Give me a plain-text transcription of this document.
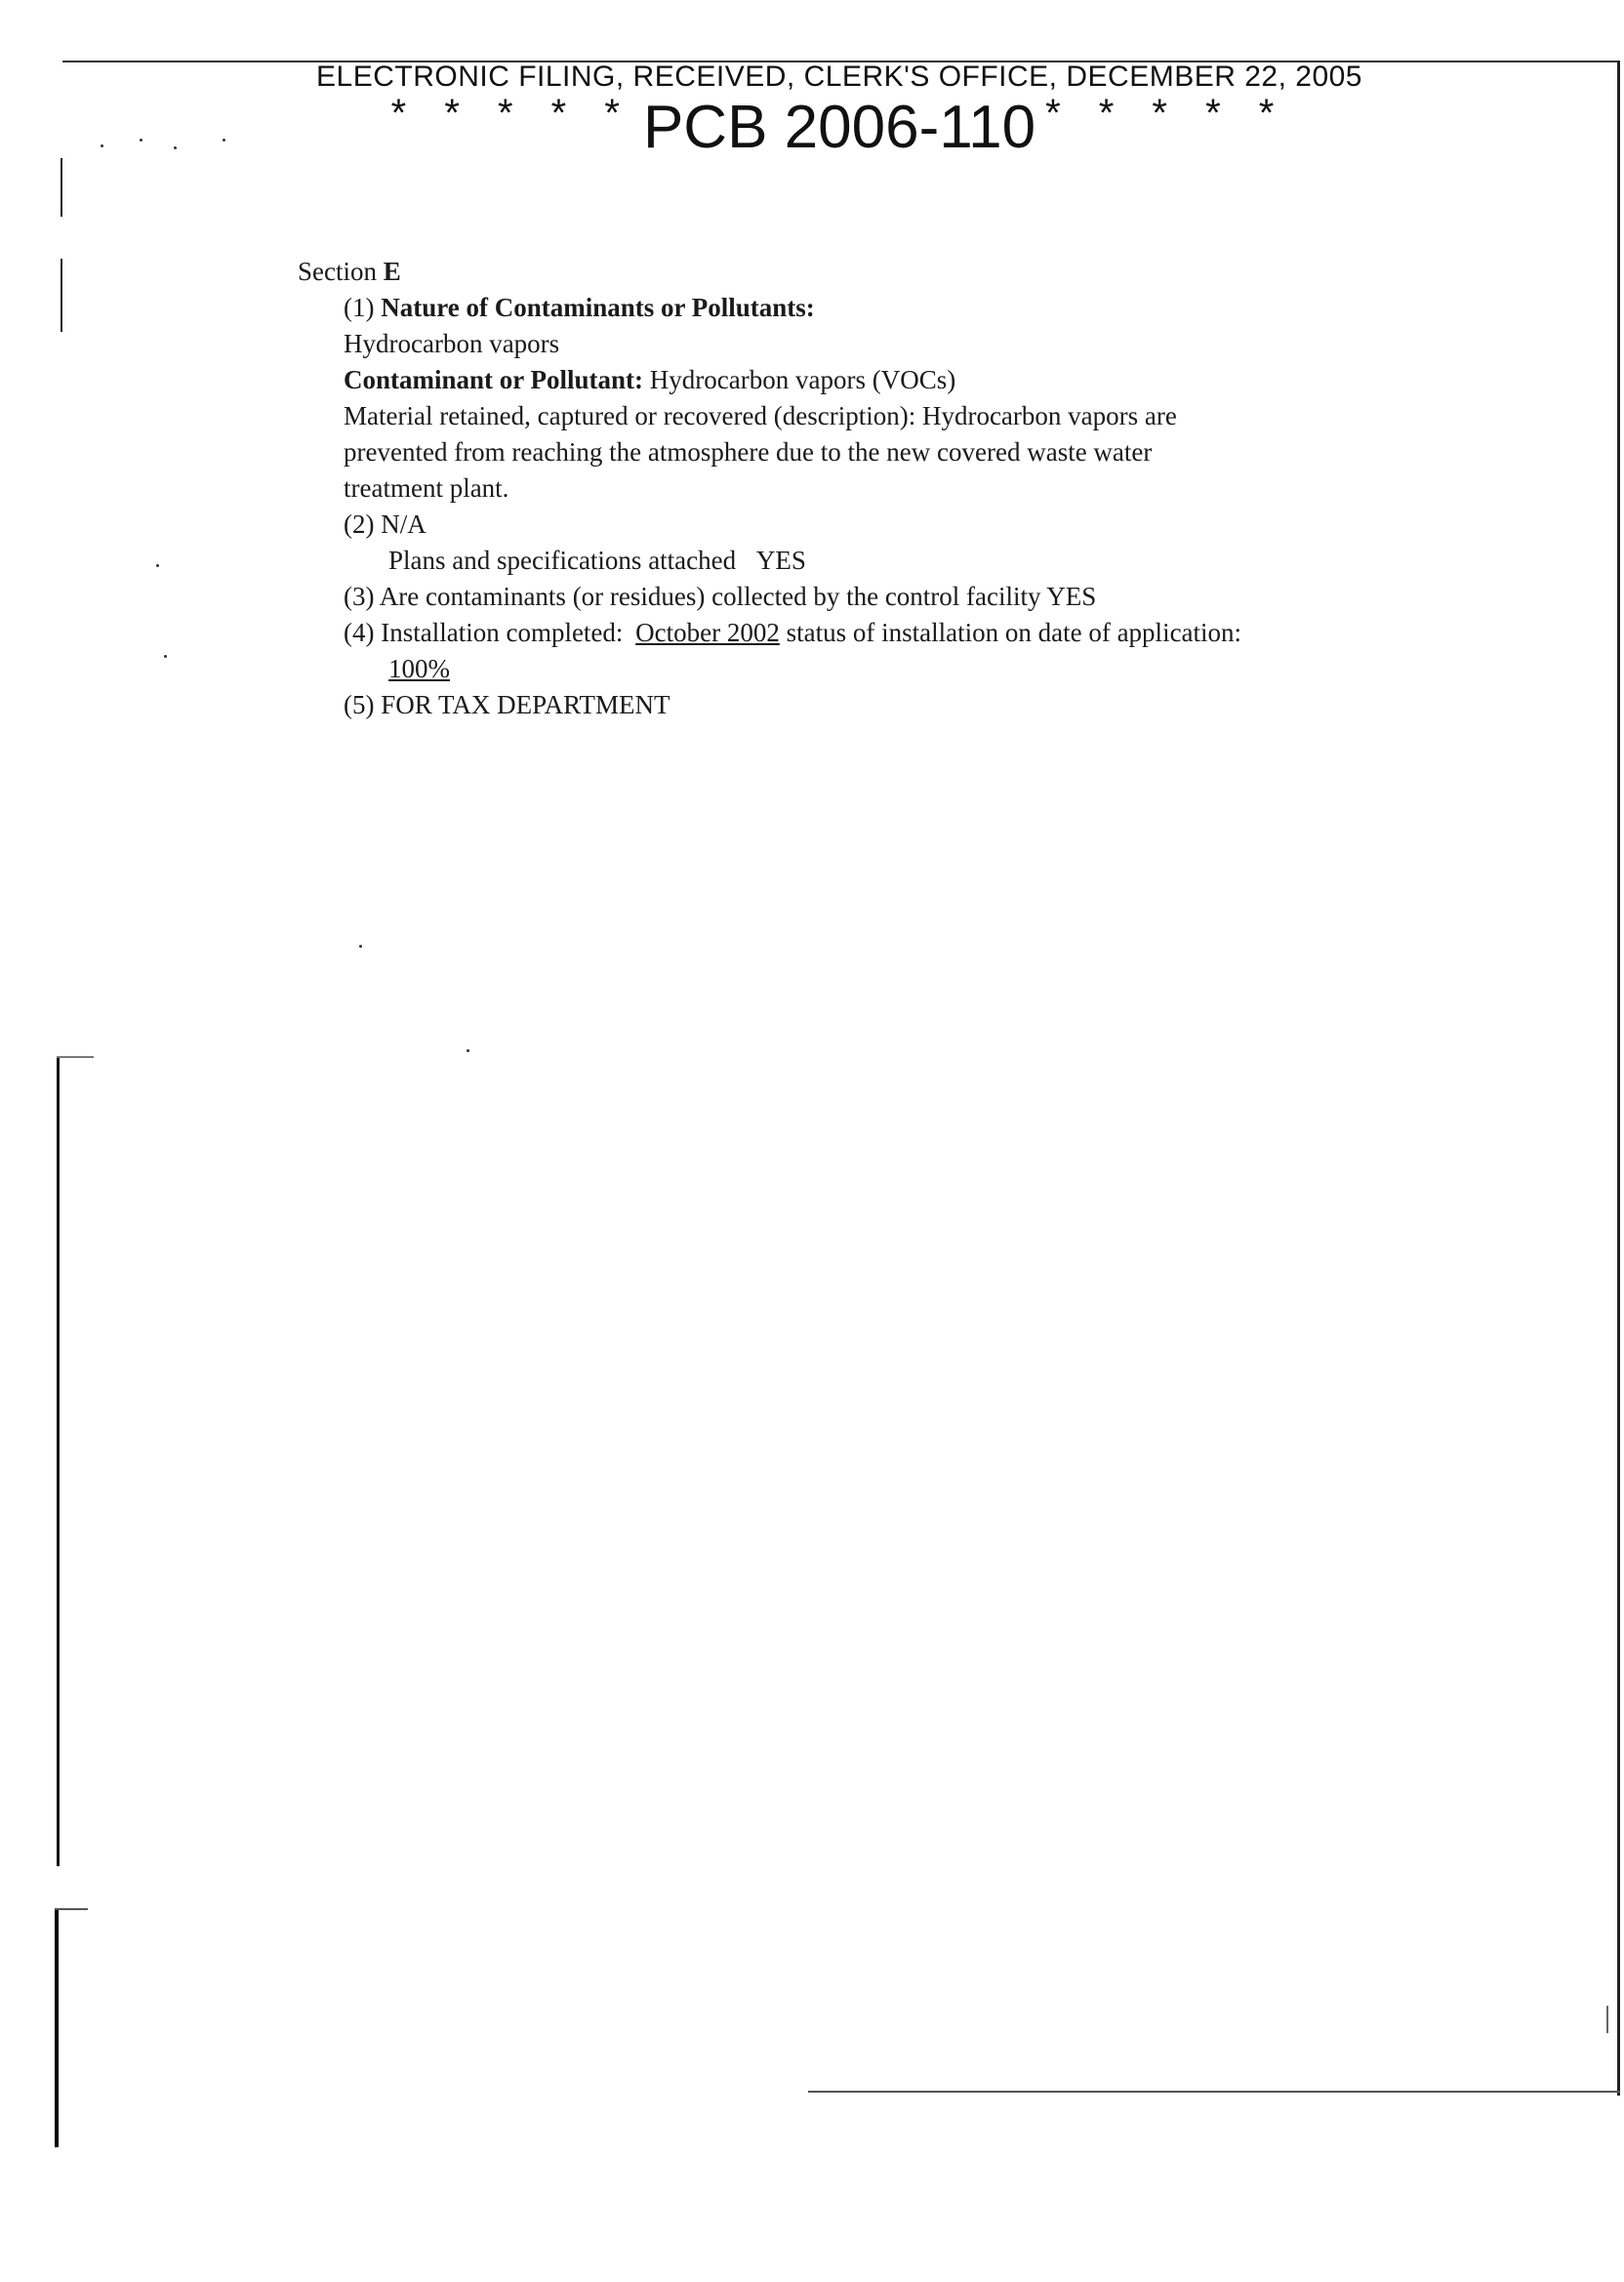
ELECTRONIC FILING, RECEIVED, CLERK'S OFFICE, DECEMBER 22, 2005
* * * * * PCB 2006-110 * * * * *
Section E
(1) Nature of Contaminants or Pollutants:
Hydrocarbon vapors
Contaminant or Pollutant: Hydrocarbon vapors (VOCs)
Material retained, captured or recovered (description): Hydrocarbon vapors are
prevented from reaching the atmosphere due to the new covered waste water
treatment plant.
(2) N/A
Plans and specifications attached YES
(3) Are contaminants (or residues) collected by the control facility YES
(4) Installation completed: October 2002 status of installation on date of application:
100%
(5) FOR TAX DEPARTMENT
